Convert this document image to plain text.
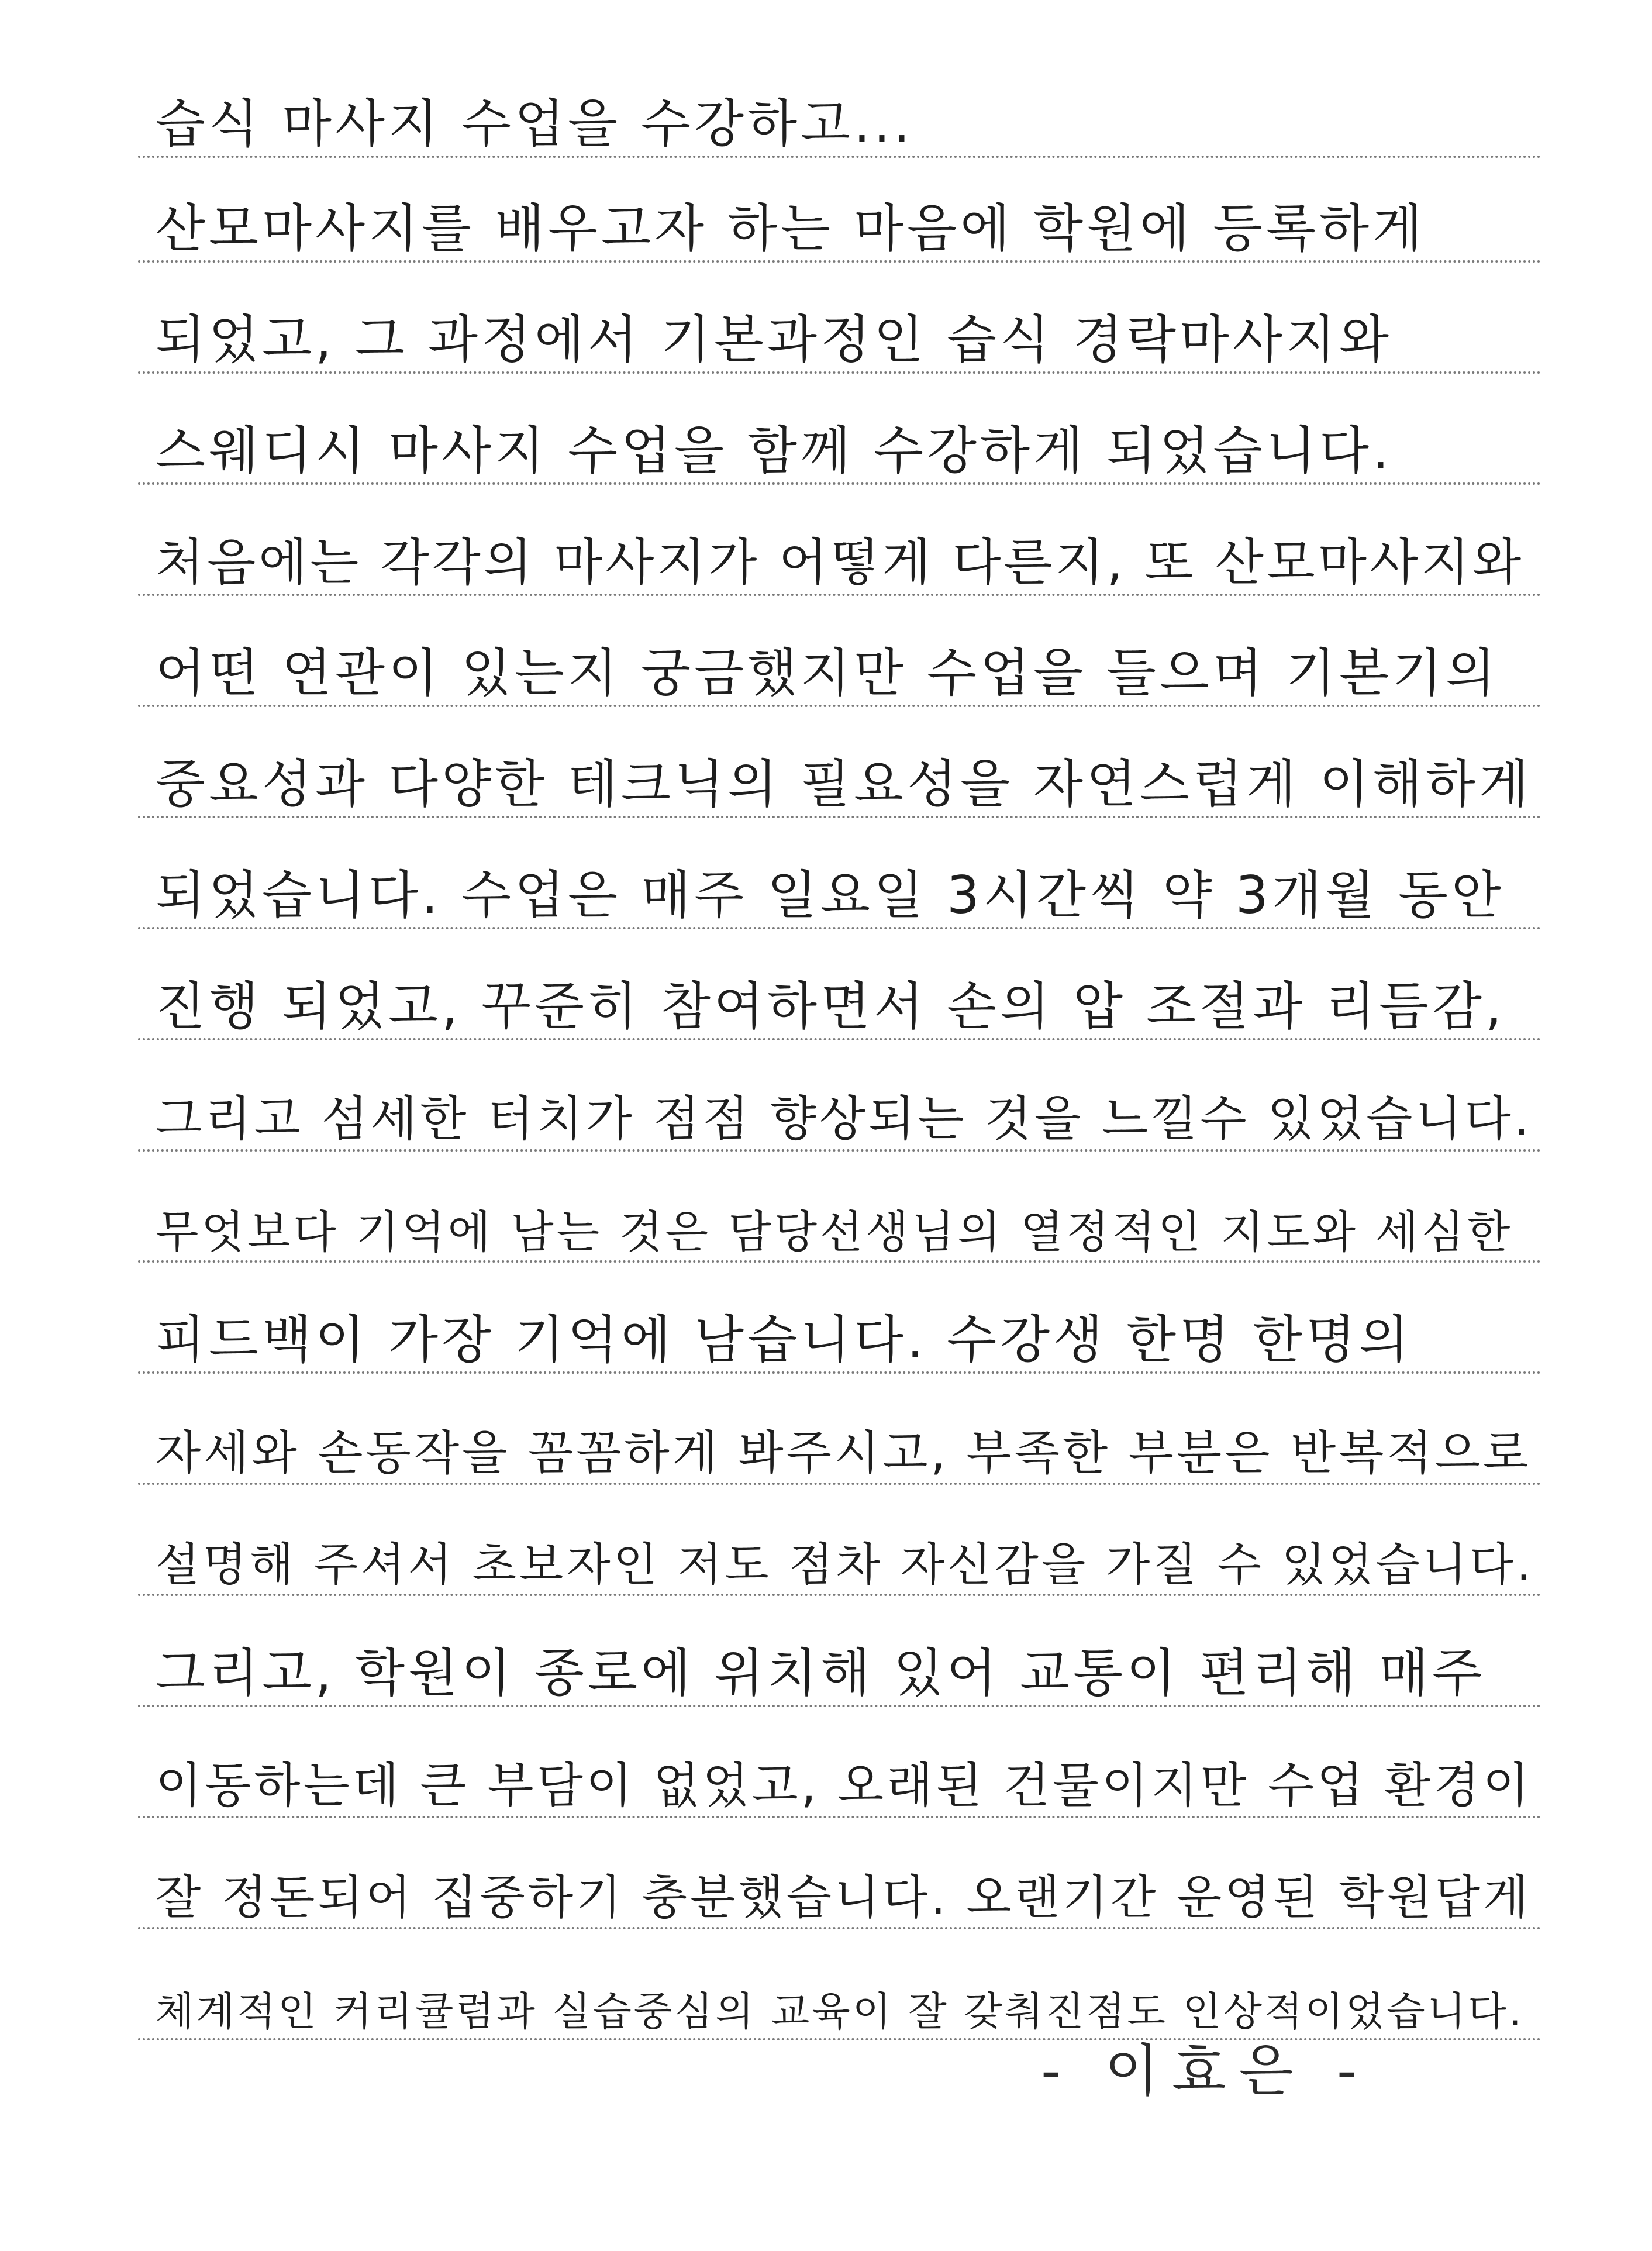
습식 마사지 수업을 수강하고...
산모마사지를 배우고자 하는 마음에 학원에 등록하게
되었고, 그 과정에서 기본과정인 습식 경락마사지와
스웨디시 마사지 수업을 함께 수강하게 되었습니다.
처음에는 각각의 마사지가 어떻게 다른지, 또 산모마사지와
어떤 연관이 있는지 궁금했지만 수업을 들으며 기본기의
중요성과 다양한 테크닉의 필요성을 자연스럽게 이해하게
되었습니다. 수업은 매주 일요일 3시간씩 약 3개월 동안
진행 되었고, 꾸준히 참여하면서 손의 압 조절과 리듬감,
그리고 섬세한 터치가 점점 향상되는 것을 느낄수 있었습니다.
무엇보다 기억에 남는 것은 담당선생님의 열정적인 지도와 세심한
피드백이 가장 기억에 남습니다. 수강생 한명 한명의
자세와 손동작을 꼼꼼하게 봐주시고, 부족한 부분은 반복적으로
설명해 주셔서 초보자인 저도 점차 자신감을 가질 수 있었습니다.
그리고, 학원이 종로에 위치해 있어 교통이 편리해 매주
이동하는데 큰 부담이 없었고, 오래된 건물이지만 수업 환경이
잘 정돈되어 집중하기 충분했습니다. 오랜기간 운영된 학원답게
체계적인 커리큘럼과 실습중심의 교육이 잘 갖춰진점도 인상적이었습니다.
- 이효은 -
